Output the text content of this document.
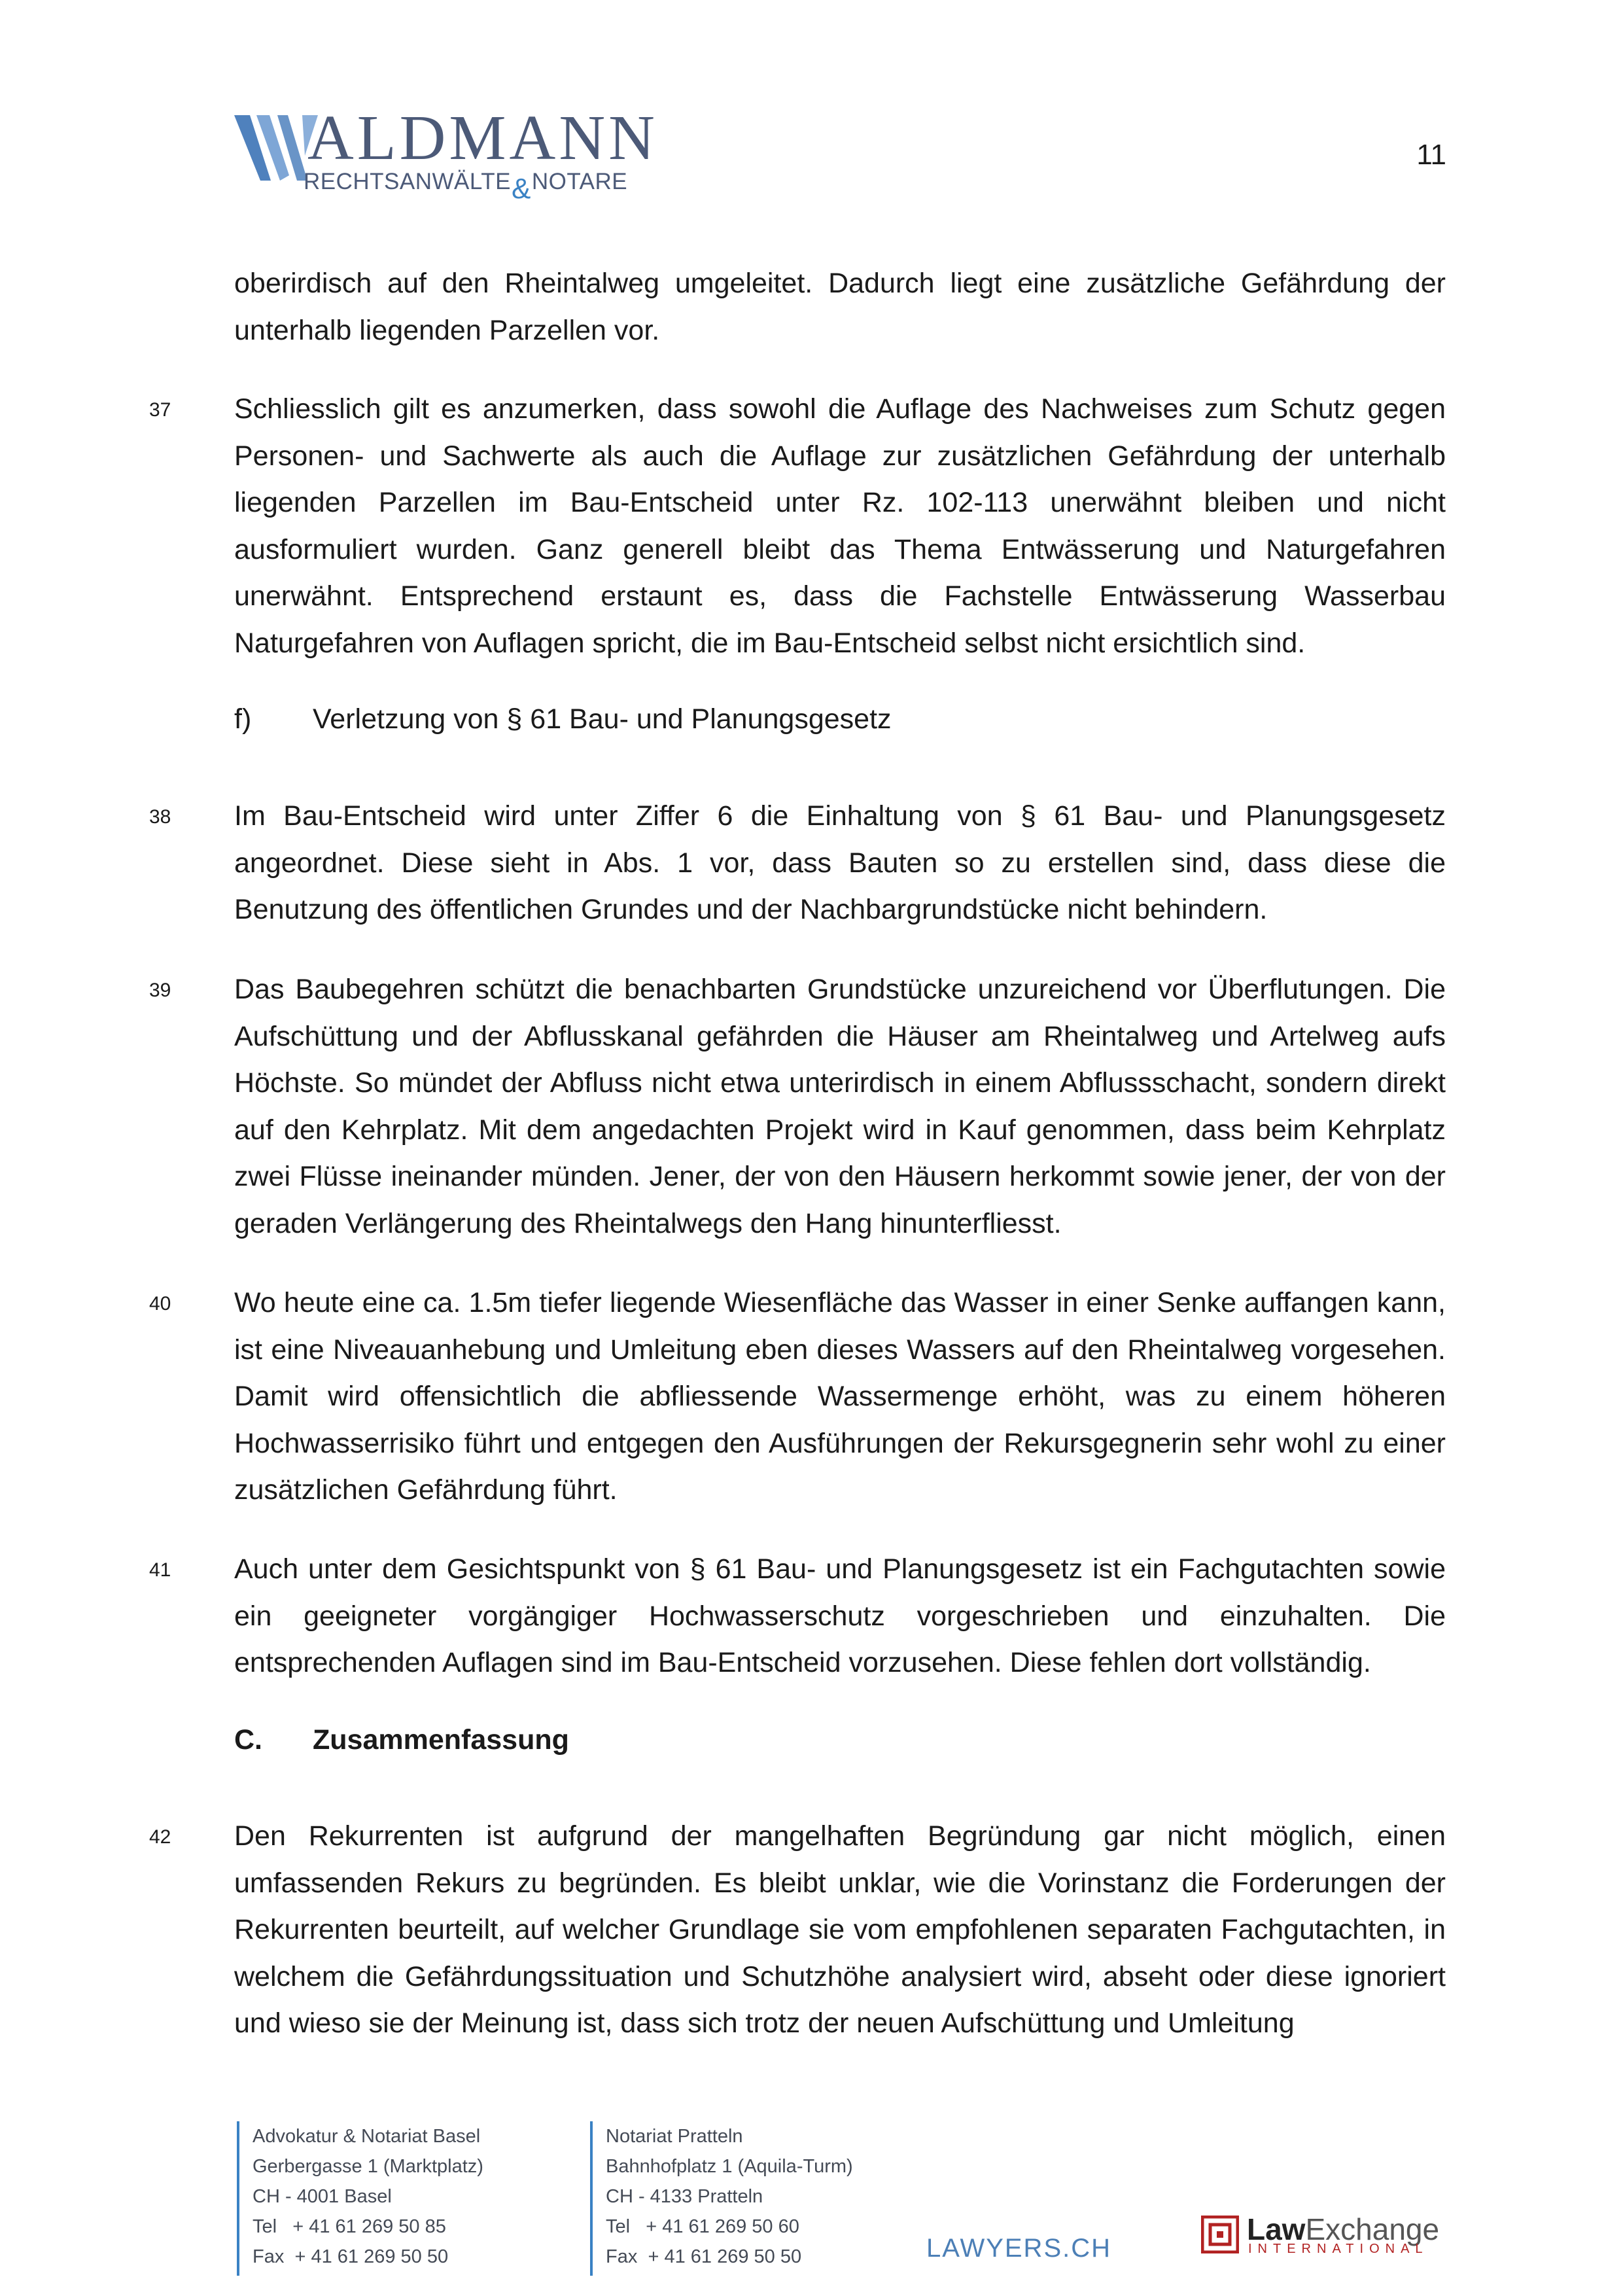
ALDMANN
RECHTSANWÄLTE&NOTARE
11
oberirdisch auf den Rheintalweg umgeleitet. Dadurch liegt eine zusätzliche Gefährdung der unterhalb liegenden Parzellen vor.
37 Schliesslich gilt es anzumerken, dass sowohl die Auflage des Nachweises zum Schutz gegen Personen- und Sachwerte als auch die Auflage zur zusätzlichen Gefährdung der unterhalb liegenden Parzellen im Bau-Entscheid unter Rz. 102-113 unerwähnt bleiben und nicht ausformuliert wurden. Ganz generell bleibt das Thema Entwässerung und Naturgefahren unerwähnt. Entsprechend erstaunt es, dass die Fachstelle Entwässerung Wasserbau Naturgefahren von Auflagen spricht, die im Bau-Entscheid selbst nicht ersichtlich sind.
f) Verletzung von § 61 Bau- und Planungsgesetz
38 Im Bau-Entscheid wird unter Ziffer 6 die Einhaltung von § 61 Bau- und Planungsgesetz angeordnet. Diese sieht in Abs. 1 vor, dass Bauten so zu erstellen sind, dass diese die Benutzung des öffentlichen Grundes und der Nachbargrundstücke nicht behindern.
39 Das Baubegehren schützt die benachbarten Grundstücke unzureichend vor Überflutungen. Die Aufschüttung und der Abflusskanal gefährden die Häuser am Rheintalweg und Artelweg aufs Höchste. So mündet der Abfluss nicht etwa unterirdisch in einem Abflussschacht, sondern direkt auf den Kehrplatz. Mit dem angedachten Projekt wird in Kauf genommen, dass beim Kehrplatz zwei Flüsse ineinander münden. Jener, der von den Häusern herkommt sowie jener, der von der geraden Verlängerung des Rheintalwegs den Hang hinunterfliesst.
40 Wo heute eine ca. 1.5m tiefer liegende Wiesenfläche das Wasser in einer Senke auffangen kann, ist eine Niveauanhebung und Umleitung eben dieses Wassers auf den Rheintalweg vorgesehen. Damit wird offensichtlich die abfliessende Wassermenge erhöht, was zu einem höheren Hochwasserrisiko führt und entgegen den Ausführungen der Rekursgegnerin sehr wohl zu einer zusätzlichen Gefährdung führt.
41 Auch unter dem Gesichtspunkt von § 61 Bau- und Planungsgesetz ist ein Fachgutachten sowie ein geeigneter vorgängiger Hochwasserschutz vorgeschrieben und einzuhalten. Die entsprechenden Auflagen sind im Bau-Entscheid vorzusehen. Diese fehlen dort vollständig.
C. Zusammenfassung
42 Den Rekurrenten ist aufgrund der mangelhaften Begründung gar nicht möglich, einen umfassenden Rekurs zu begründen. Es bleibt unklar, wie die Vorinstanz die Forderungen der Rekurrenten beurteilt, auf welcher Grundlage sie vom empfohlenen separaten Fachgutachten, in welchem die Gefährdungssituation und Schutzhöhe analysiert wird, abseht oder diese ignoriert und wieso sie der Meinung ist, dass sich trotz der neuen Aufschüttung und Umleitung
Advokatur & Notariat Basel
Gerbergasse 1 (Marktplatz)
CH - 4001 Basel
Tel   + 41 61 269 50 85
Fax  + 41 61 269 50 50
Notariat Pratteln
Bahnhofplatz 1 (Aquila-Turm)
CH - 4133 Pratteln
Tel   + 41 61 269 50 60
Fax  + 41 61 269 50 50	LAWYERS.CH
LawExchange
INTERNATIONAL
